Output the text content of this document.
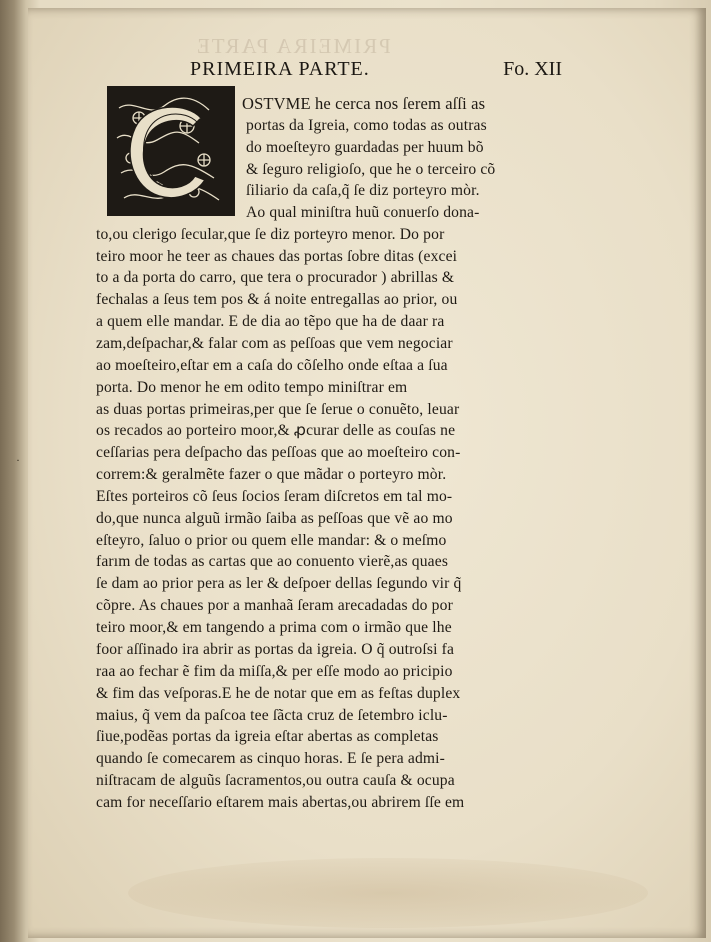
PRIMEIRA PARTE
PRIMEIRA PARTE.	Fo. XII
·
OSTVME he cerca nos ſerem aſſi as
portas da Igreia, como todas as outras
do moeſteyro guardadas per huum bõ
& ſeguro religioſo, que he o terceiro cõ
ſiliario da caſa,q̃ ſe diz porteyro mòr.
Ao qual miniſtra huũ conuerſo dona-
to,ou clerigo ſecular,que ſe diz porteyro menor. Do por
teiro moor he teer as chaues das portas ſobre ditas (excei
to a da porta do carro, que tera o procurador ) abrillas &
fechalas a ſeus tem pos & á noite entregallas ao prior, ou
a quem elle mandar. E de dia ao tẽpo que ha de daar ra
zam,deſpachar,& falar com as peſſoas que vem negociar
ao moeſteiro,eſtar em a caſa do cõſelho onde eſtaa a ſua
porta. Do menor he em odito tempo miniſtrar em
as duas portas primeiras,per que ſe ſerue o conuẽto, leuar
os recados ao porteiro moor,& ꝓcurar delle as couſas ne
ceſſarias pera deſpacho das peſſoas que ao moeſteiro con-
correm:& geralmẽte fazer o que mãdar o porteyro mòr.
Eſtes porteiros cõ ſeus ſocios ſeram diſcretos em tal mo-
do,que nunca alguũ irmão ſaiba as peſſoas que vẽ ao mo
eſteyro, ſaluo o prior ou quem elle mandar: & o meſmo
farım de todas as cartas que ao conuento vierẽ,as quaes
ſe dam ao prior pera as ler & deſpoer dellas ſegundo vir q̃
cõpre. As chaues por a manhaã ſeram arecadadas do por
teiro moor,& em tangendo a prima com o irmão que lhe
foor aſſinado ira abrir as portas da igreia. O q̃ outroſsi fa
raa ao fechar ẽ fim da miſſa,& per eſſe modo ao pricipio
& fim das veſporas.E he de notar que em as feſtas duplex
maius, q̃ vem da paſcoa tee ſãcta cruz de ſetembro iclu-
ſiue,podẽas portas da igreia eſtar abertas as completas
quando ſe comecarem as cinquo horas. E ſe pera admi-
niſtracam de alguũs ſacramentos,ou outra cauſa & ocupa
cam for neceſſario eſtarem mais abertas,ou abrirem ſſe em
